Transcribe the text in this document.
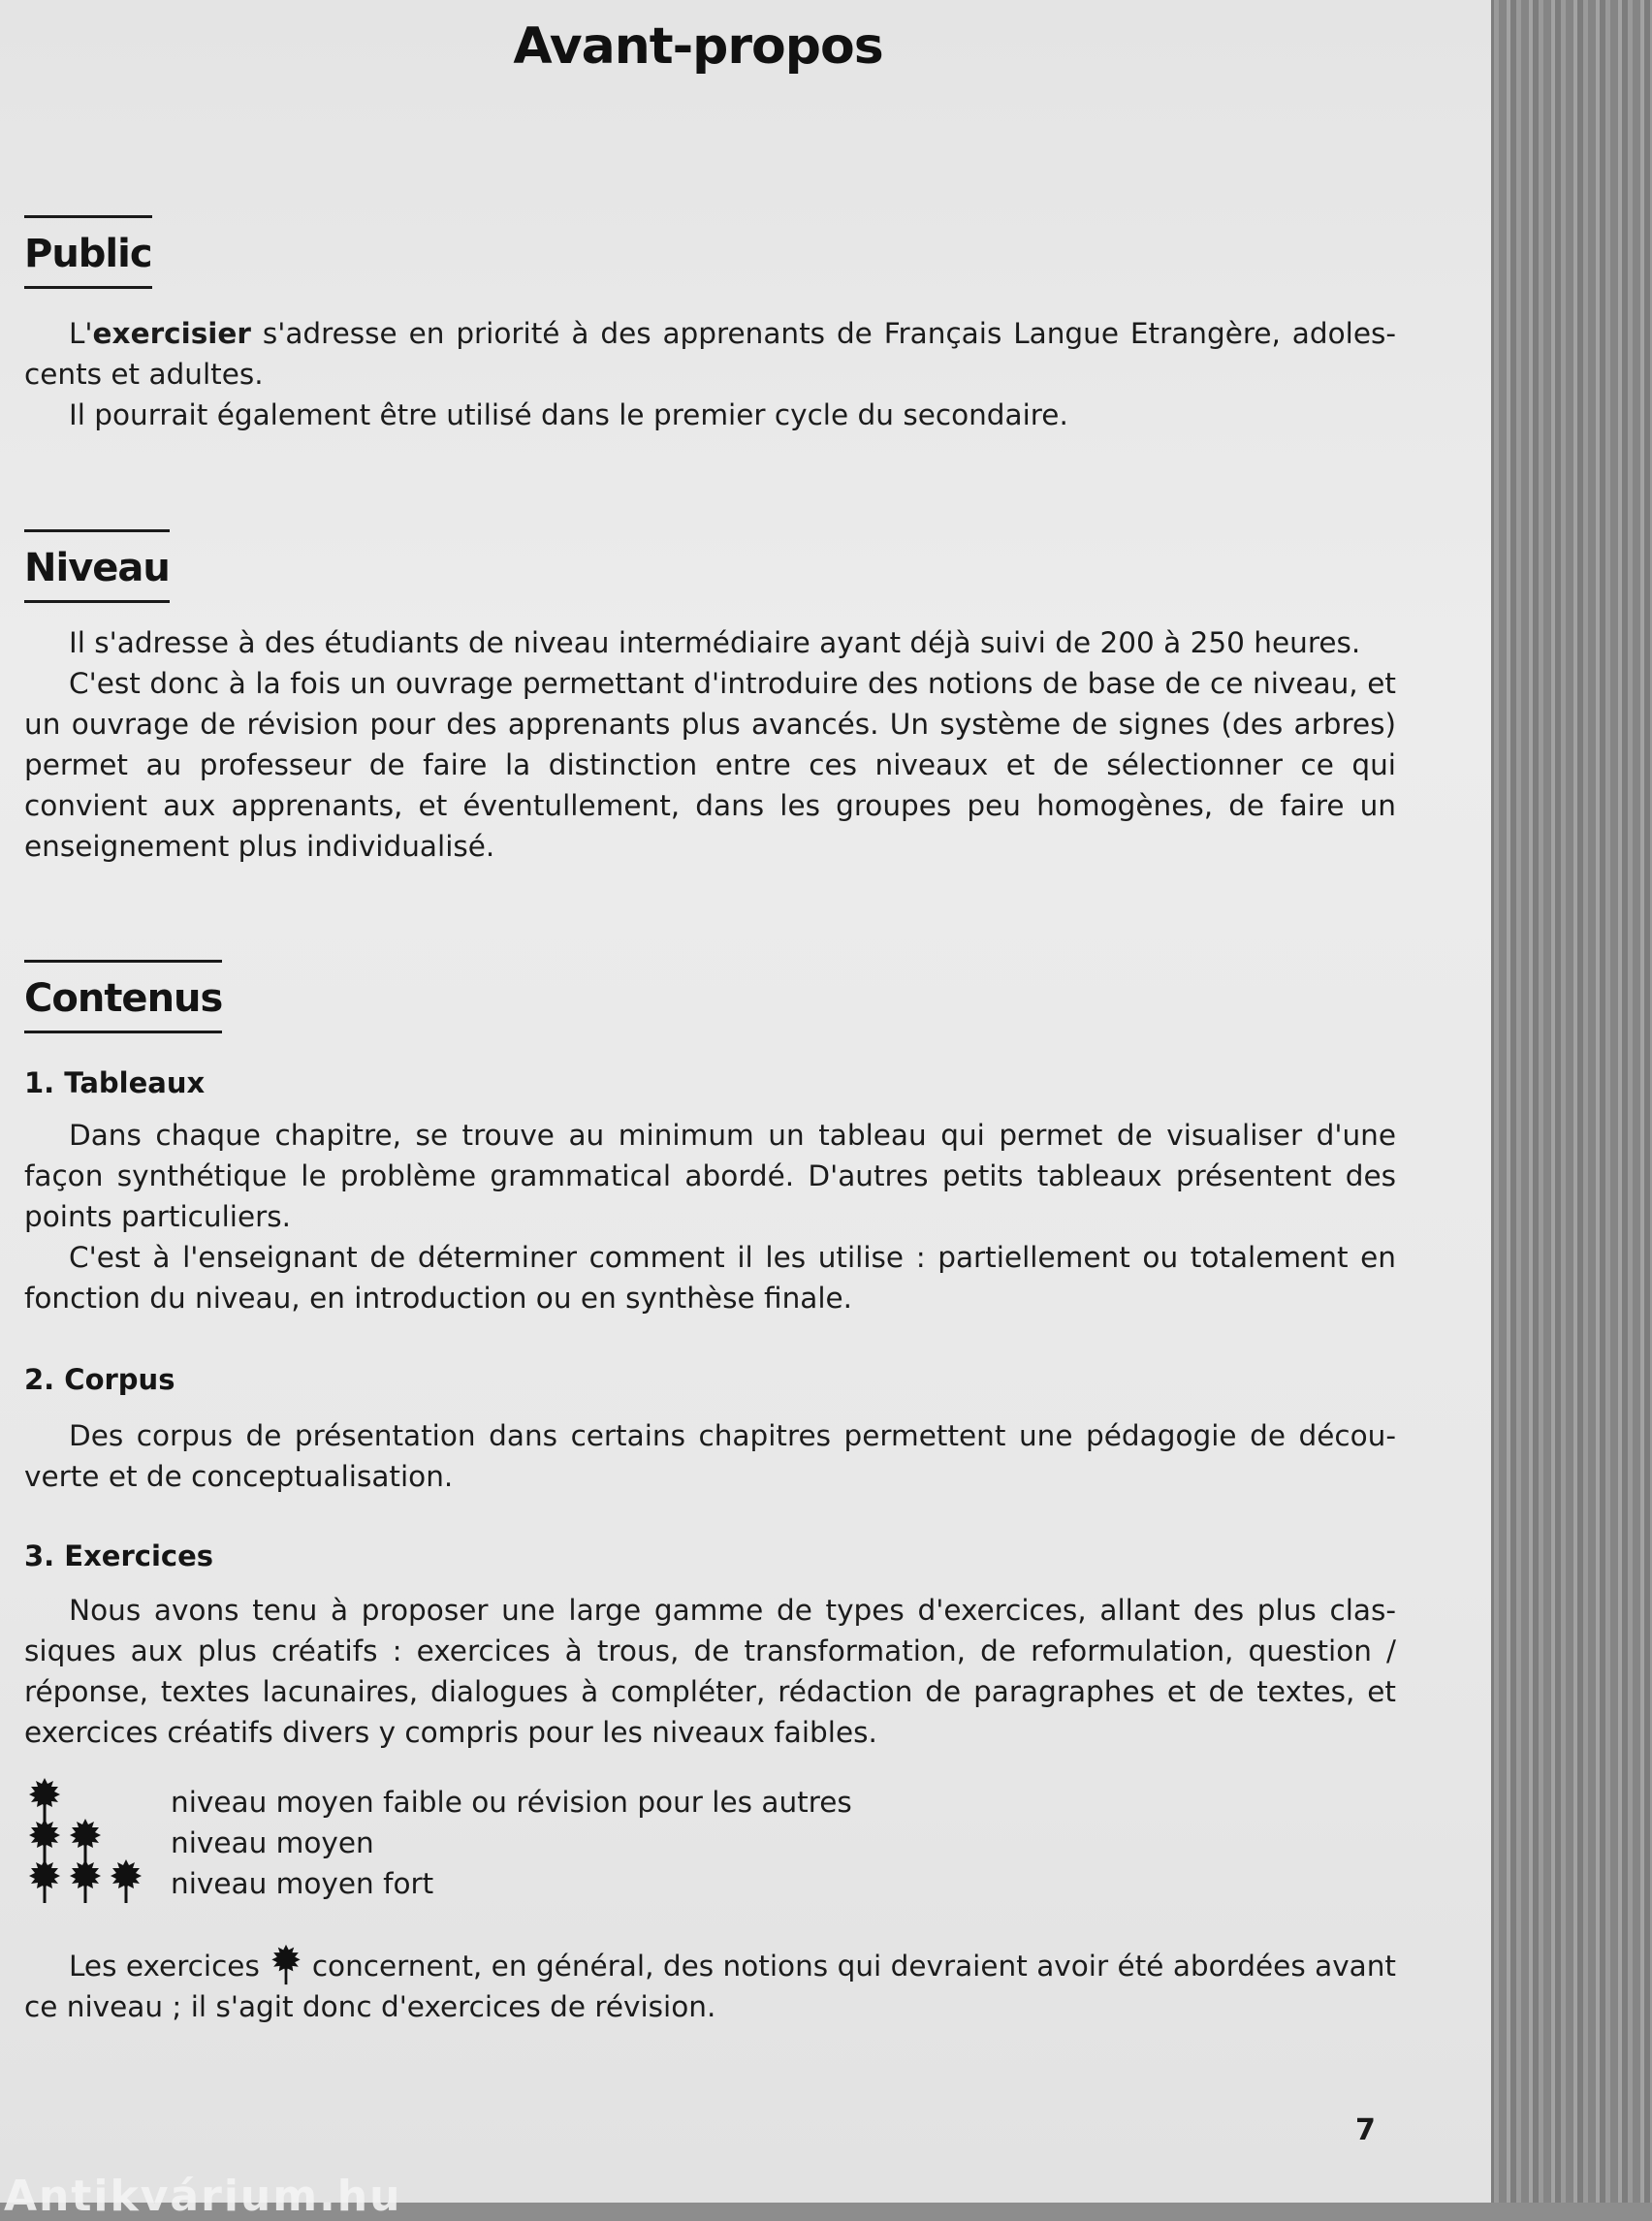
Avant-propos
Public

L'exercisier s'adresse en priorité à des apprenants de Français Langue Etrangère, adoles-cents et adultes.

Il pourrait également être utilisé dans le premier cycle du secondaire.

Niveau

Il s'adresse à des étudiants de niveau intermédiaire ayant déjà suivi de 200 à 250 heures.

C'est donc à la fois un ouvrage permettant d'introduire des notions de base de ce niveau, et un ouvrage de révision pour des apprenants plus avancés. Un système de signes (des arbres) permet au professeur de faire la distinction entre ces niveaux et de sélectionner ce qui convient aux apprenants, et éventullement, dans les groupes peu homogènes, de faire un enseignement plus individualisé.

Contenus
1. Tableaux

Dans chaque chapitre, se trouve au minimum un tableau qui permet de visualiser d'une façon synthétique le problème grammatical abordé. D'autres petits tableaux présentent des points particuliers.

C'est à l'enseignant de déterminer comment il les utilise : partiellement ou totalement en fonction du niveau, en introduction ou en synthèse finale.

2. Corpus

Des corpus de présentation dans certains chapitres permettent une pédagogie de décou-verte et de conceptualisation.

3. Exercices

Nous avons tenu à proposer une large gamme de types d'exercices, allant des plus clas-siques aux plus créatifs : exercices à trous, de transformation, de reformulation, question / réponse, textes lacunaires, dialogues à compléter, rédaction de paragraphes et de textes, et exercices créatifs divers y compris pour les niveaux faibles.

niveau moyen faible ou révision pour les autres
niveau moyen
niveau moyen fort

Les exercices concernent, en général, des notions qui devraient avoir été abordées avant ce niveau ; il s'agit donc d'exercices de révision.

7
Antikvárium.hu
